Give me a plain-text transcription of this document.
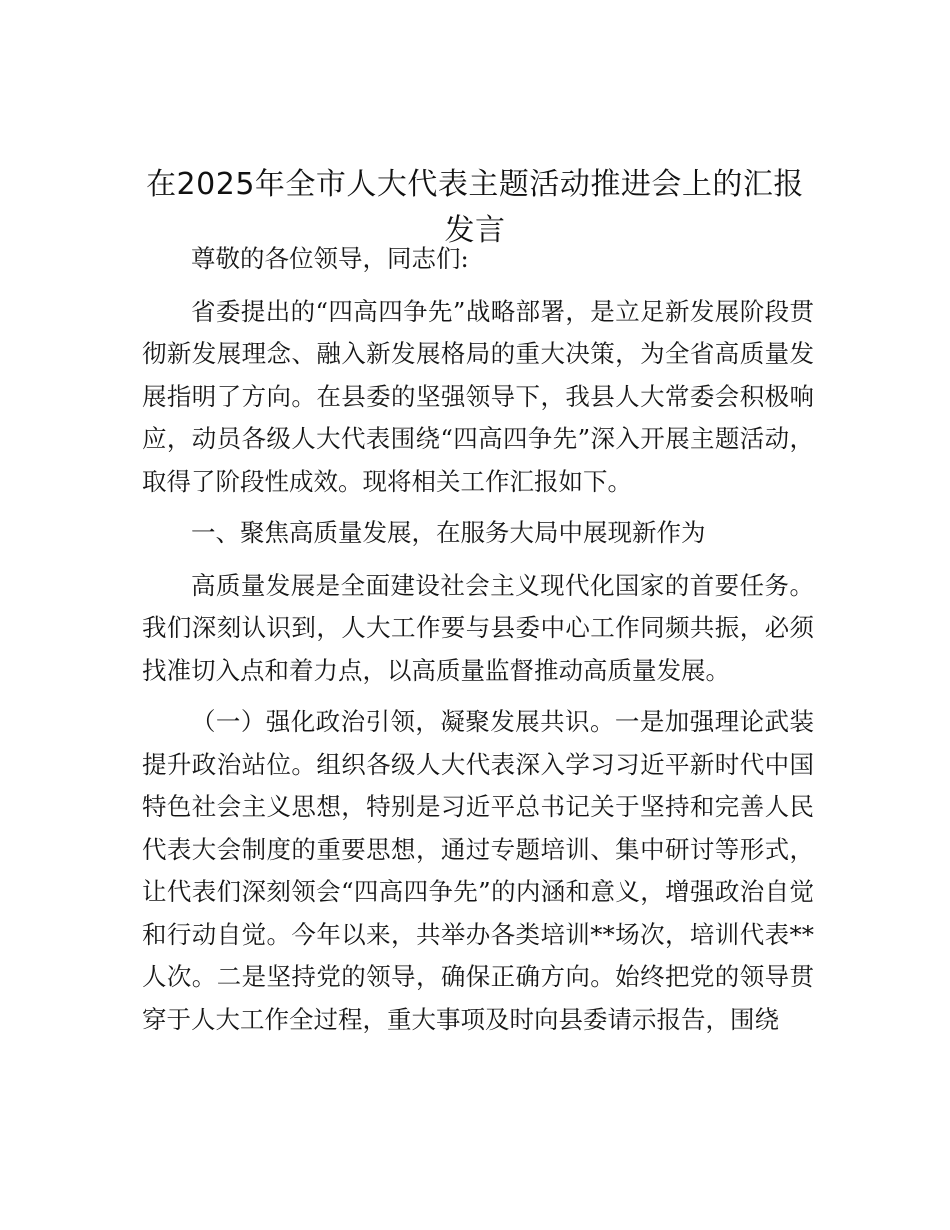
在2025年全市人大代表主题活动推进会上的汇报发言

尊敬的各位领导，同志们:

省委提出的“四高四争先”战略部署，是立足新发展阶段贯彻新发展理念、融入新发展格局的重大决策，为全省高质量发展指明了方向。在县委的坚强领导下，我县人大常委会积极响应，动员各级人大代表围绕“四高四争先”深入开展主题活动，取得了阶段性成效。现将相关工作汇报如下。

一、聚焦高质量发展，在服务大局中展现新作为

高质量发展是全面建设社会主义现代化国家的首要任务。我们深刻认识到，人大工作要与县委中心工作同频共振，必须找准切入点和着力点，以高质量监督推动高质量发展。

（一）强化政治引领，凝聚发展共识。一是加强理论武装提升政治站位。组织各级人大代表深入学习习近平新时代中国特色社会主义思想，特别是习近平总书记关于坚持和完善人民代表大会制度的重要思想，通过专题培训、集中研讨等形式，让代表们深刻领会“四高四争先”的内涵和意义，增强政治自觉和行动自觉。今年以来，共举办各类培训**场次，培训代表**人次。二是坚持党的领导，确保正确方向。始终把党的领导贯穿于人大工作全过程，重大事项及时向县委请示报告，围绕
